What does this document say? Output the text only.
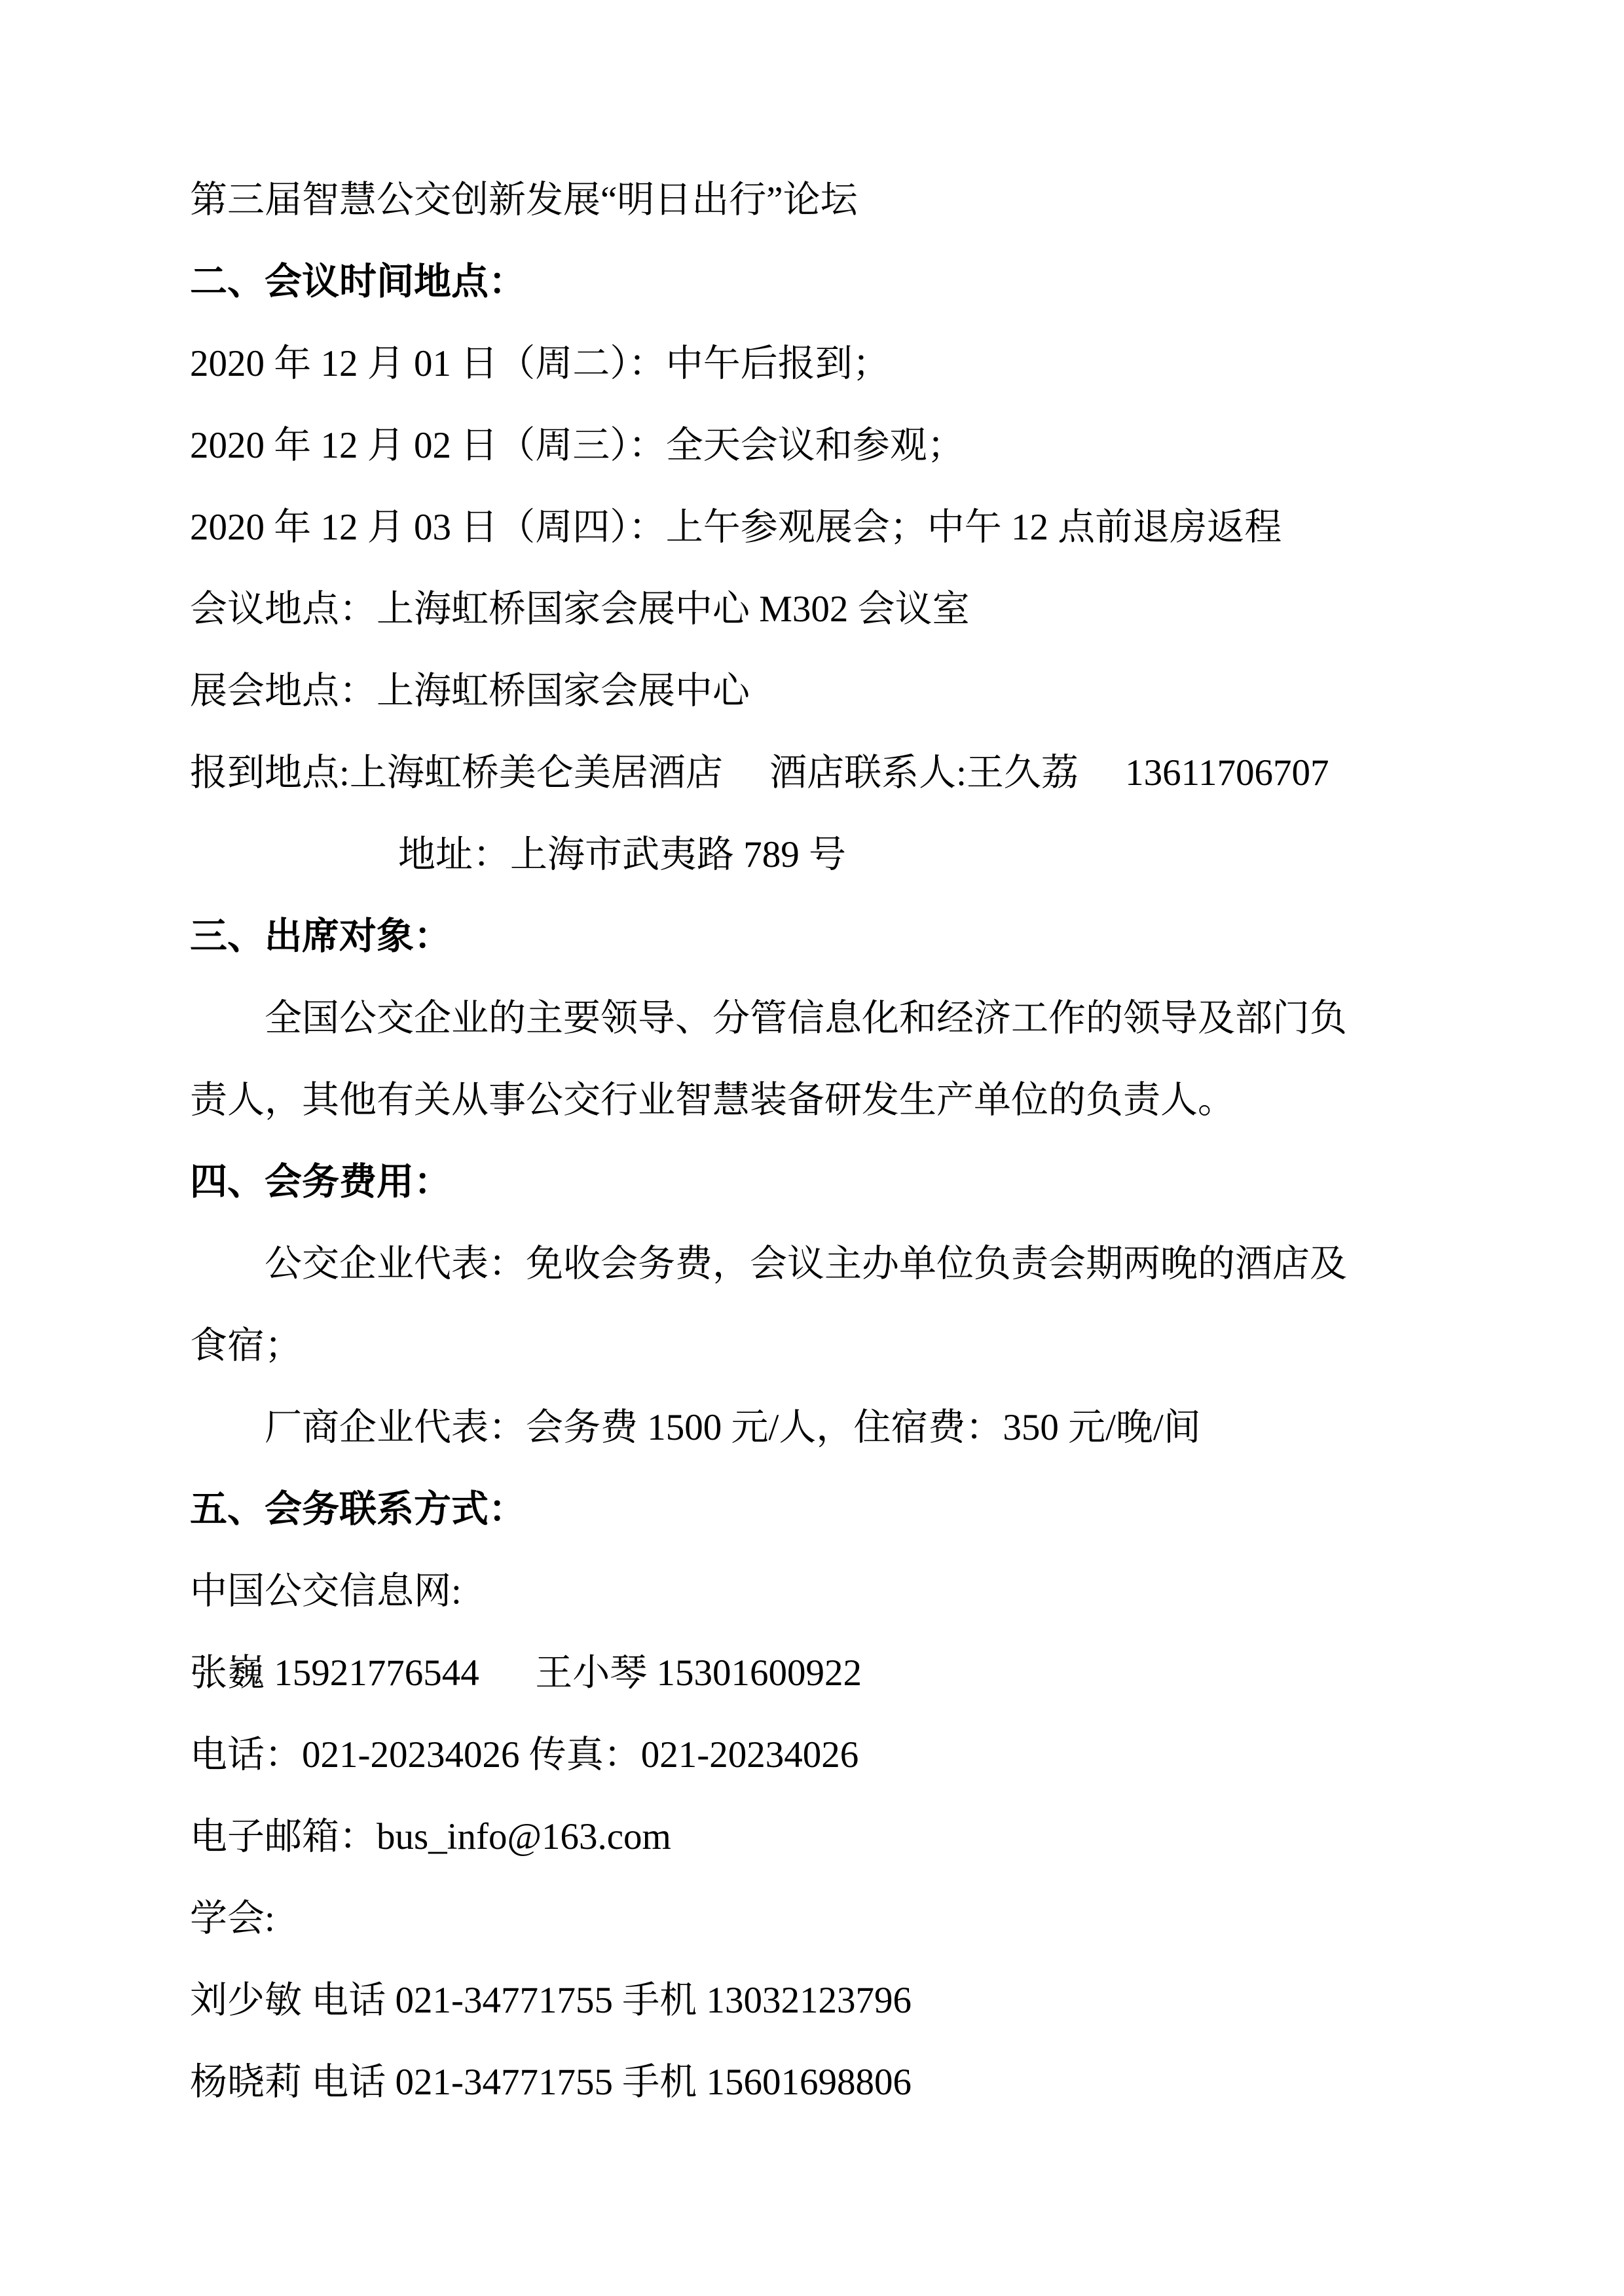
第三届智慧公交创新发展“明日出行”论坛
二、会议时间地点：
2020 年 12 月 01 日（周二）：中午后报到；
2020 年 12 月 02 日（周三）：全天会议和参观；
2020 年 12 月 03 日（周四）：上午参观展会；中午 12 点前退房返程
会议地点：上海虹桥国家会展中心 M302 会议室
展会地点：上海虹桥国家会展中心
报到地点:上海虹桥美仑美居酒店　 酒店联系人:王久荔 　13611706707
地址：上海市武夷路 789 号
三、出席对象：
全国公交企业的主要领导、分管信息化和经济工作的领导及部门负
责人，其他有关从事公交行业智慧装备研发生产单位的负责人。
四、会务费用：
公交企业代表：免收会务费，会议主办单位负责会期两晚的酒店及
食宿；
厂商企业代表：会务费 1500 元/人，住宿费：350 元/晚/间
五、会务联系方式：
中国公交信息网:
张巍 15921776544 　 王小琴 15301600922
电话：021-20234026 传真：021-20234026
电子邮箱：bus_info@163.com
学会:
刘少敏 电话 021-34771755 手机 13032123796
杨晓莉 电话 021-34771755 手机 15601698806
